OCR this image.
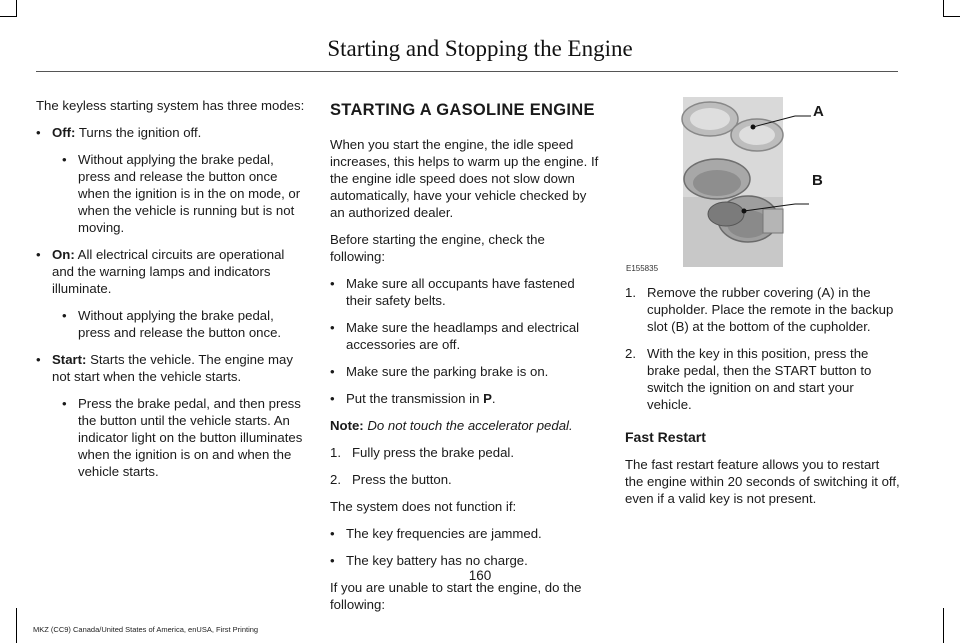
Starting and Stopping the Engine

The keyless starting system has three modes:

• Off: Turns the ignition off.
• Without applying the brake pedal, press and release the button once when the ignition is in the on mode, or when the vehicle is running but is not moving.
• On: All electrical circuits are operational and the warning lamps and indicators illuminate.
• Without applying the brake pedal, press and release the button once.
• Start: Starts the vehicle. The engine may not start when the vehicle starts.
• Press the brake pedal, and then press the button until the vehicle starts. An indicator light on the button illuminates when the ignition is on and when the vehicle starts.
STARTING A GASOLINE ENGINE

When you start the engine, the idle speed increases, this helps to warm up the engine. If the engine idle speed does not slow down automatically, have your vehicle checked by an authorized dealer.

Before starting the engine, check the following:

• Make sure all occupants have fastened their safety belts.
• Make sure the headlamps and electrical accessories are off.
• Make sure the parking brake is on.
• Put the transmission in P.

Note: Do not touch the accelerator pedal.

1. Fully press the brake pedal.
2. Press the button.

The system does not function if:

• The key frequencies are jammed.
• The key battery has no charge.

If you are unable to start the engine, do the following:

A
B
E155835
1. Remove the rubber covering (A) in the cupholder. Place the remote in the backup slot (B) at the bottom of the cupholder.
2. With the key in this position, press the brake pedal, then the START button to switch the ignition on and start your vehicle.
Fast Restart

The fast restart feature allows you to restart the engine within 20 seconds of switching it off, even if a valid key is not present.

160
MKZ (CC9) Canada/United States of America, enUSA, First Printing
